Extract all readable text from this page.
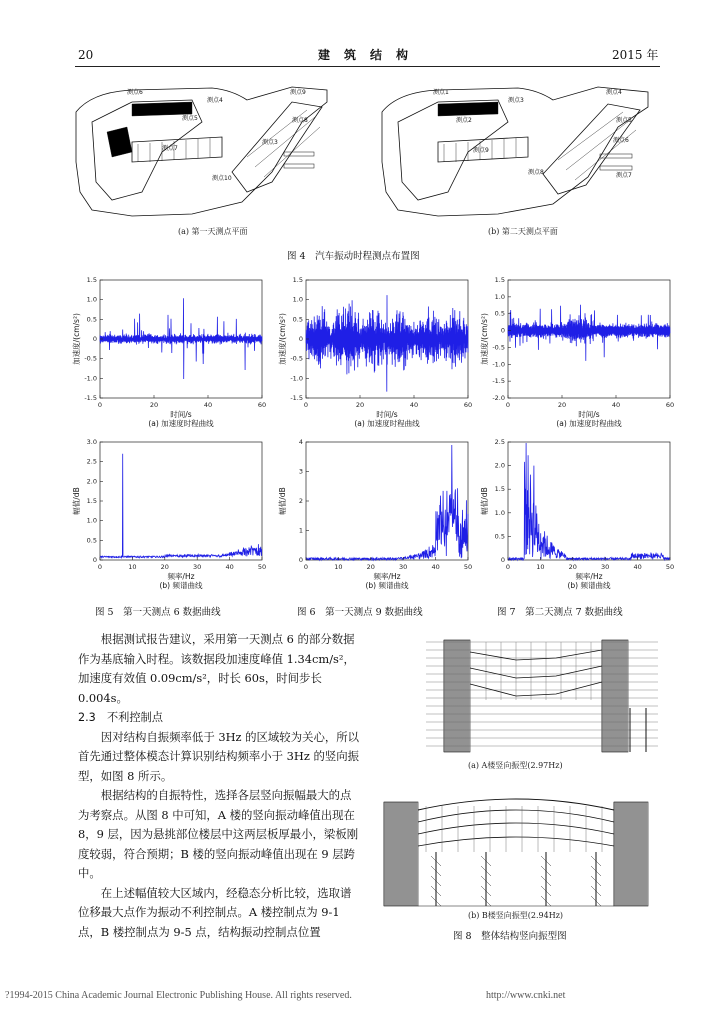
20	建　筑　结　构	2015 年
测点6
测点5
测点4
测点9
测点8
测点7
测点10
测点3
测点1
测点2
测点3
测点4
测点5
测点6
测点7
测点8
测点9
(a) 第一天测点平面	(b) 第二天测点平面
图 4　汽车振动时程测点布置图
0	20	40	60
1.5
1.0
0.5
0
-0.5
-1.0
-1.5
时间/s
加速度/(cm/s²)
(a) 加速度时程曲线
0	20	40	60
1.5
1.0
0.5
0
-0.5
-1.0
-1.5
时间/s
加速度/(cm/s²)
(a) 加速度时程曲线
0	20	40	60
1.5
1.0
0.5
0
-0.5
-1.0
-1.5
-2.0
时间/s
加速度/(cm/s²)
(a) 加速度时程曲线
0	10	20	30	40	50
3.0
2.5
2.0
1.5
1.0
0.5
0
频率/Hz
幅值/dB
(b) 频谱曲线
0	10	20	30	40	50
4
3
2
1
0
频率/Hz
幅值/dB
(b) 频谱曲线
0	10	20	30	40	50
2.5
2.0
1.5
1.0
0.5
0
频率/Hz
幅值/dB
(b) 频谱曲线
图 5　第一天测点 6 数据曲线	图 6　第一天测点 9 数据曲线	图 7　第二天测点 7 数据曲线

根据测试报告建议，采用第一天测点 6 的部分数据作为基底输入时程。该数据段加速度峰值 1.34cm/s²，加速度有效值 0.09cm/s²，时长 60s，时间步长 0.004s。

2.3　不利控制点

因对结构自振频率低于 3Hz 的区域较为关心，所以首先通过整体模态计算识别结构频率小于 3Hz 的竖向振型，如图 8 所示。

根据结构的自振特性，选择各层竖向振幅最大的点为考察点。从图 8 中可知，A 楼的竖向振动峰值出现在 8，9 层，因为悬挑部位楼层中这两层板厚最小，梁板刚度较弱，符合预期；B 楼的竖向振动峰值出现在 9 层跨中。

在上述幅值较大区域内，经稳态分析比较，选取谱位移最大点作为振动不利控制点。A 楼控制点为 9-1 点，B 楼控制点为 9-5 点，结构振动控制点位置

(a) A楼竖向振型(2.97Hz)
(b) B楼竖向振型(2.94Hz)
图 8　整体结构竖向振型图
?1994-2015 China Academic Journal Electronic Publishing House. All rights reserved.	http://www.cnki.net
